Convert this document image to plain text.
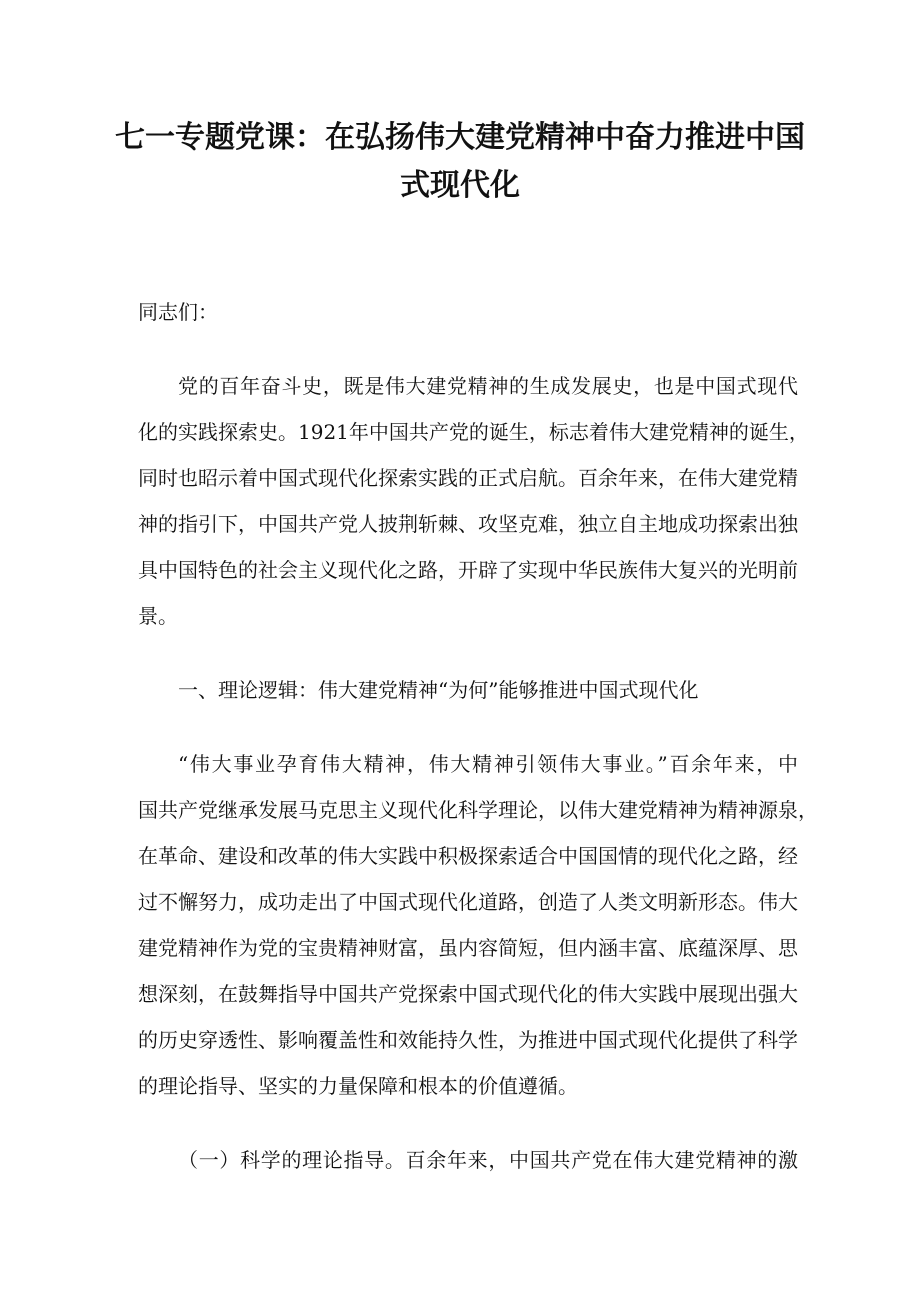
七一专题党课：在弘扬伟大建党精神中奋力推进中国
式现代化
同志们：
党的百年奋斗史，既是伟大建党精神的生成发展史，也是中国式现代
化的实践探索史。1921年中国共产党的诞生，标志着伟大建党精神的诞生，
同时也昭示着中国式现代化探索实践的正式启航。百余年来，在伟大建党精
神的指引下，中国共产党人披荆斩棘、攻坚克难，独立自主地成功探索出独
具中国特色的社会主义现代化之路，开辟了实现中华民族伟大复兴的光明前
景。
一、理论逻辑：伟大建党精神“为何”能够推进中国式现代化
“伟大事业孕育伟大精神，伟大精神引领伟大事业。”百余年来，中
国共产党继承发展马克思主义现代化科学理论，以伟大建党精神为精神源泉，
在革命、建设和改革的伟大实践中积极探索适合中国国情的现代化之路，经
过不懈努力，成功走出了中国式现代化道路，创造了人类文明新形态。伟大
建党精神作为党的宝贵精神财富，虽内容简短，但内涵丰富、底蕴深厚、思
想深刻，在鼓舞指导中国共产党探索中国式现代化的伟大实践中展现出强大
的历史穿透性、影响覆盖性和效能持久性，为推进中国式现代化提供了科学
的理论指导、坚实的力量保障和根本的价值遵循。
（一）科学的理论指导。百余年来，中国共产党在伟大建党精神的激
